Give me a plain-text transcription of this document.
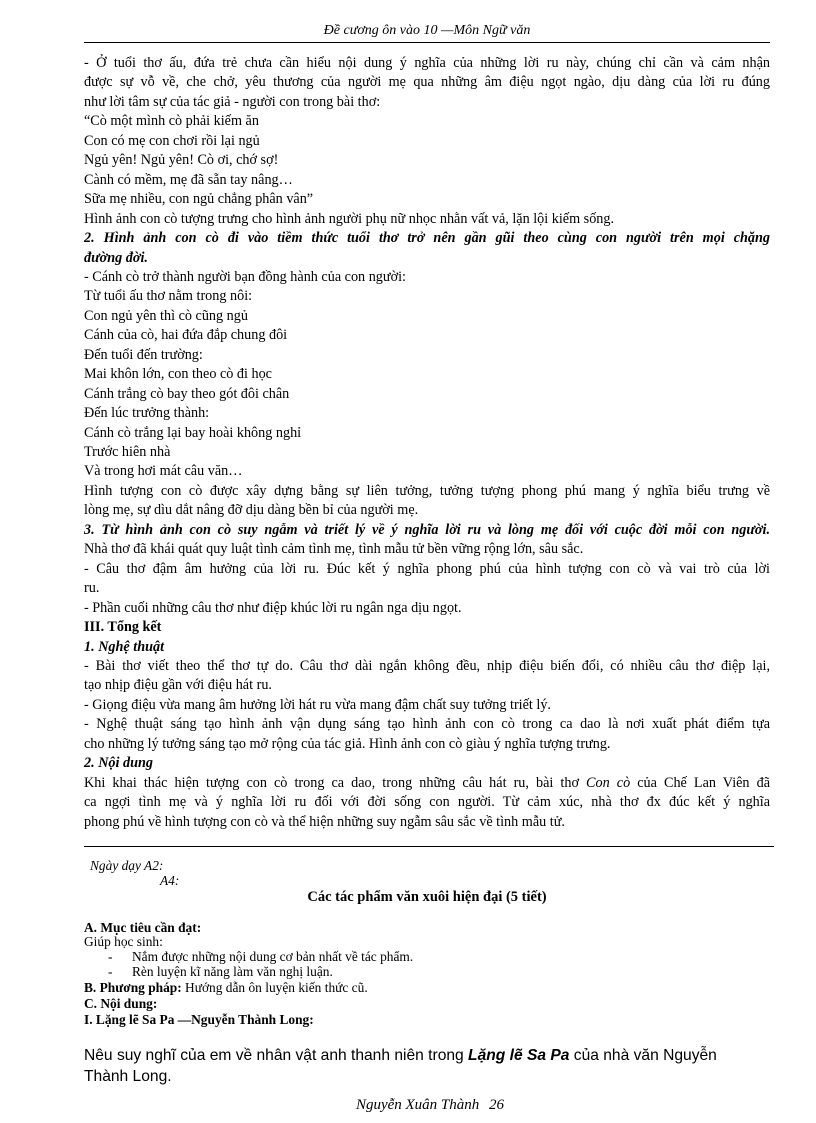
Đề cương ôn vào 10 —Môn Ngữ văn
- Ở tuổi thơ ấu, đứa trẻ chưa cần hiểu nội dung ý nghĩa của những lời ru này, chúng chỉ cần và cảm nhận
được sự vỗ về, che chở, yêu thương của người mẹ qua những âm điệu ngọt ngào, dịu dàng của lời ru đúng
như lời tâm sự của tác giả - người con trong bài thơ:
“Cò một mình cò phải kiếm ăn
Con có mẹ con chơi rồi lại ngủ
Ngủ yên! Ngủ yên! Cò ơi, chớ sợ!
Cành có mềm, mẹ đã sẵn tay nâng…
Sữa mẹ nhiều, con ngủ chẳng phân vân”
Hình ảnh con cò tượng trưng cho hình ảnh người phụ nữ nhọc nhằn vất vả, lặn lội kiếm sống.
2. Hình ảnh con cò đi vào tiềm thức tuổi thơ trở nên gần gũi theo cùng con người trên mọi chặng
đường đời.
- Cánh cò trở thành người bạn đồng hành của con người:
Từ tuổi ấu thơ nằm trong nôi:
Con ngủ yên thì cò cũng ngủ
Cánh của cò, hai đứa đắp chung đôi
Đến tuổi đến trường:
Mai khôn lớn, con theo cò đi học
Cánh trắng cò bay theo gót đôi chân
Đến lúc trưởng thành:
Cánh cò trắng lại bay hoài không nghỉ
Trước hiên nhà
Và trong hơi mát câu văn…
Hình tượng con cò được xây dựng bằng sự liên tưởng, tưởng tượng phong phú mang ý nghĩa biểu trưng về
lòng mẹ, sự dìu dắt nâng đỡ dịu dàng bền bỉ của người mẹ.
3. Từ hình ảnh con cò suy ngẫm và triết lý về ý nghĩa lời ru và lòng mẹ đối với cuộc đời mỗi con người.
Nhà thơ đã khái quát quy luật tình cảm tình mẹ, tình mẫu tử bền vững rộng lớn, sâu sắc.
- Câu thơ đậm âm hưởng của lời ru. Đúc kết ý nghĩa phong phú của hình tượng con cò và vai trò của lời
ru.
- Phần cuối những câu thơ như điệp khúc lời ru ngân nga dịu ngọt.
III. Tổng kết
1. Nghệ thuật
- Bài thơ viết theo thể thơ tự do. Câu thơ dài ngắn không đều, nhịp điệu biến đổi, có nhiều câu thơ điệp lại,
tạo nhịp điệu gần với điệu hát ru.
- Giọng điệu vừa mang âm hưởng lời hát ru vừa mang đậm chất suy tưởng triết lý.
- Nghệ thuật sáng tạo hình ảnh vận dụng sáng tạo hình ảnh con cò trong ca dao là nơi xuất phát điểm tựa
cho những lý tưởng sáng tạo mở rộng của tác giả. Hình ảnh con cò giàu ý nghĩa tượng trưng.
2. Nội dung
Khi khai thác hiện tượng con cò trong ca dao, trong những câu hát ru, bài thơ Con cò của Chế Lan Viên đã
ca ngợi tình mẹ và ý nghĩa lời ru đối với đời sống con người. Từ cảm xúc, nhà thơ đx đúc kết ý nghĩa
phong phú về hình tượng con cò và thể hiện những suy ngẫm sâu sắc về tình mẫu tử.
Ngày dạy A2:
A4:
Các tác phẩm văn xuôi hiện đại (5 tiết)
A. Mục tiêu cần đạt:
Giúp học sinh:
- Nắm được những nội dung cơ bản nhất về tác phẩm.
- Rèn luyện kĩ năng làm văn nghị luận.
B. Phương pháp: Hướng dẫn ôn luyện kiến thức cũ.
C. Nội dung:
I. Lặng lẽ Sa Pa —Nguyễn Thành Long:
Nêu suy nghĩ của em về nhân vật anh thanh niên trong Lặng lẽ Sa Pa của nhà văn Nguyễn
Thành Long.
Nguyễn Xuân Thành 26
